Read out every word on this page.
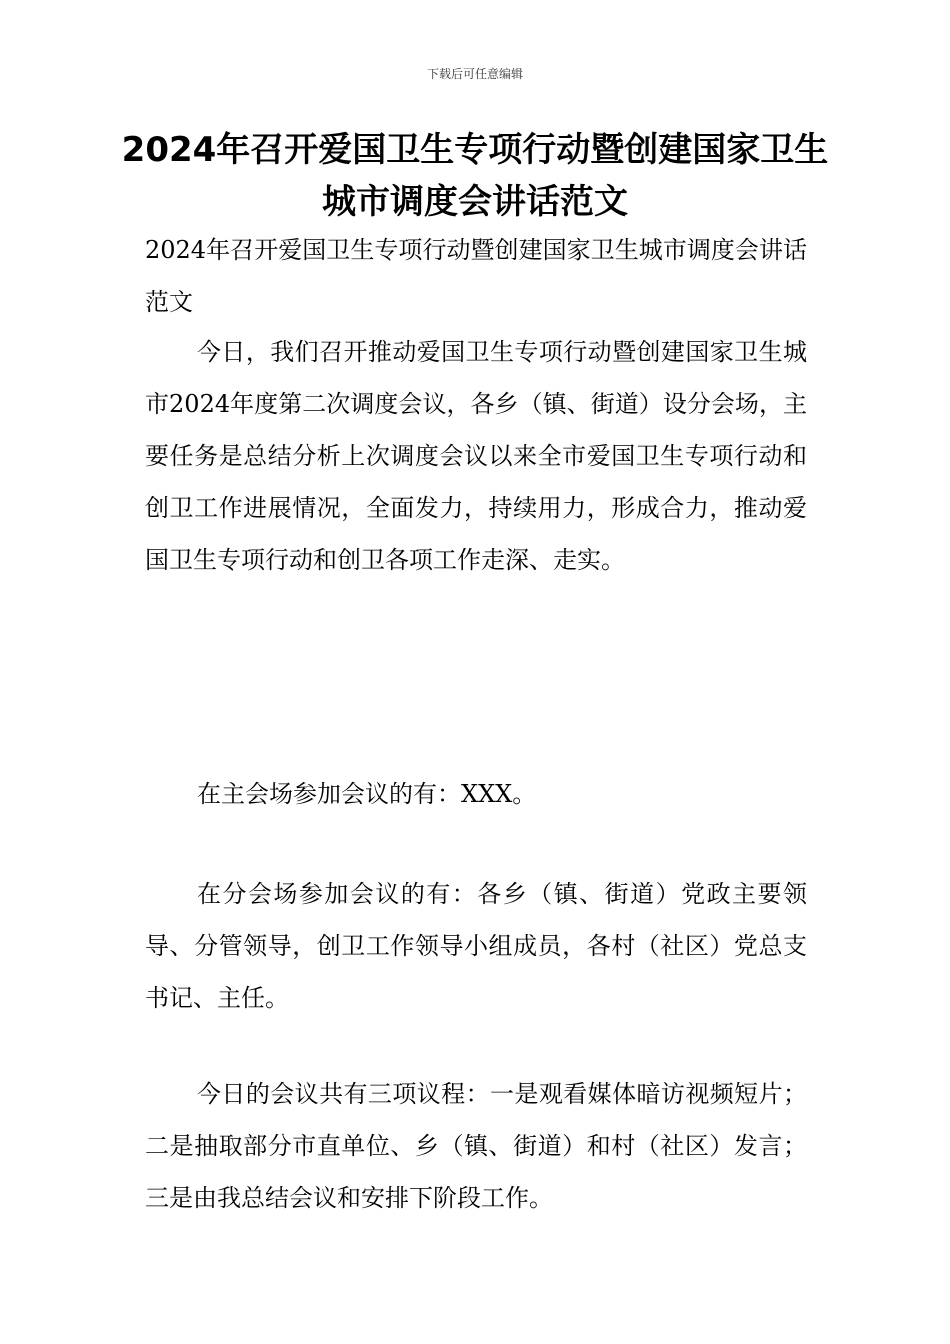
下载后可任意编辑
2024年召开爱国卫生专项行动暨创建国家卫生城市调度会讲话范文

2024年召开爱国卫生专项行动暨创建国家卫生城市调度会讲话范文

今日，我们召开推动爱国卫生专项行动暨创建国家卫生城市2024年度第二次调度会议，各乡（镇、街道）设分会场，主要任务是总结分析上次调度会议以来全市爱国卫生专项行动和创卫工作进展情况，全面发力，持续用力，形成合力，推动爱国卫生专项行动和创卫各项工作走深、走实。

在主会场参加会议的有：XXX。

在分会场参加会议的有：各乡（镇、街道）党政主要领导、分管领导，创卫工作领导小组成员，各村（社区）党总支书记、主任。

今日的会议共有三项议程：一是观看媒体暗访视频短片；二是抽取部分市直单位、乡（镇、街道）和村（社区）发言；三是由我总结会议和安排下阶段工作。
